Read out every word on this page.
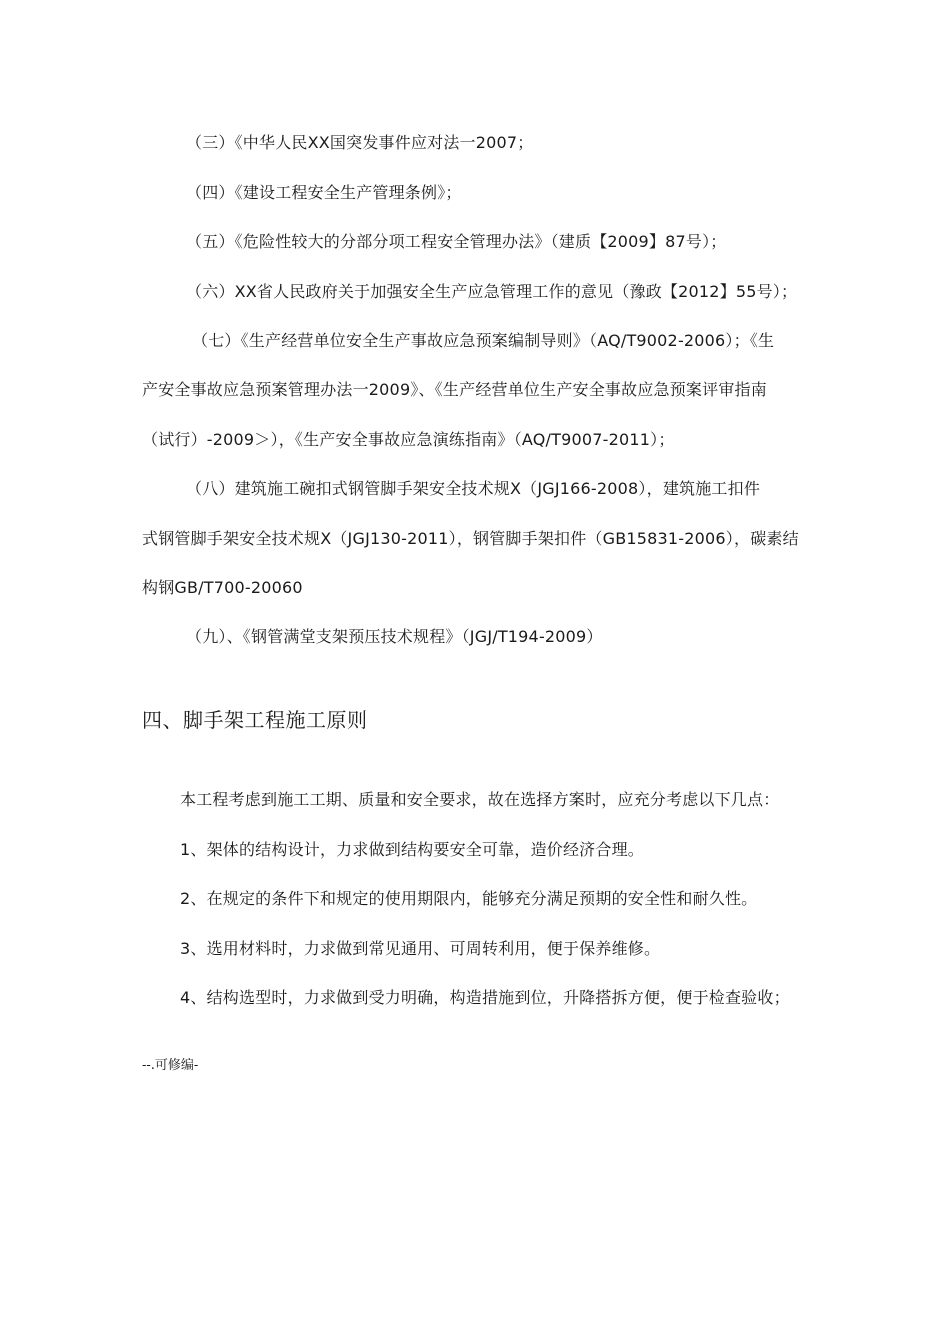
（三）《中华人民XX国突发事件应对法一2007；
（四）《建设工程安全生产管理条例》；
（五）《危险性较大的分部分项工程安全管理办法》（建质【2009】87号）；
（六）XX省人民政府关于加强安全生产应急管理工作的意见（豫政【2012】55号）；
（七）《生产经营单位安全生产事故应急预案编制导则》（AQ/T9002-2006）；《生
产安全事故应急预案管理办法一2009》、《生产经营单位生产安全事故应急预案评审指南
（试行）-2009＞），《生产安全事故应急演练指南》（AQ/T9007-2011）；
（八）建筑施工碗扣式钢管脚手架安全技术规X（JGJ166-2008），建筑施工扣件
式钢管脚手架安全技术规X（JGJ130-2011），钢管脚手架扣件（GB15831-2006），碳素结
构钢GB/T700-20060
（九）、《钢管满堂支架预压技术规程》（JGJ/T194-2009）
四、脚手架工程施工原则
本工程考虑到施工工期、质量和安全要求，故在选择方案时，应充分考虑以下几点：
1、架体的结构设计，力求做到结构要安全可靠，造价经济合理。
2、在规定的条件下和规定的使用期限内，能够充分满足预期的安全性和耐久性。
3、选用材料时，力求做到常见通用、可周转利用，便于保养维修。
4、结构选型时，力求做到受力明确，构造措施到位，升降搭拆方便，便于检查验收；
--.可修编-
